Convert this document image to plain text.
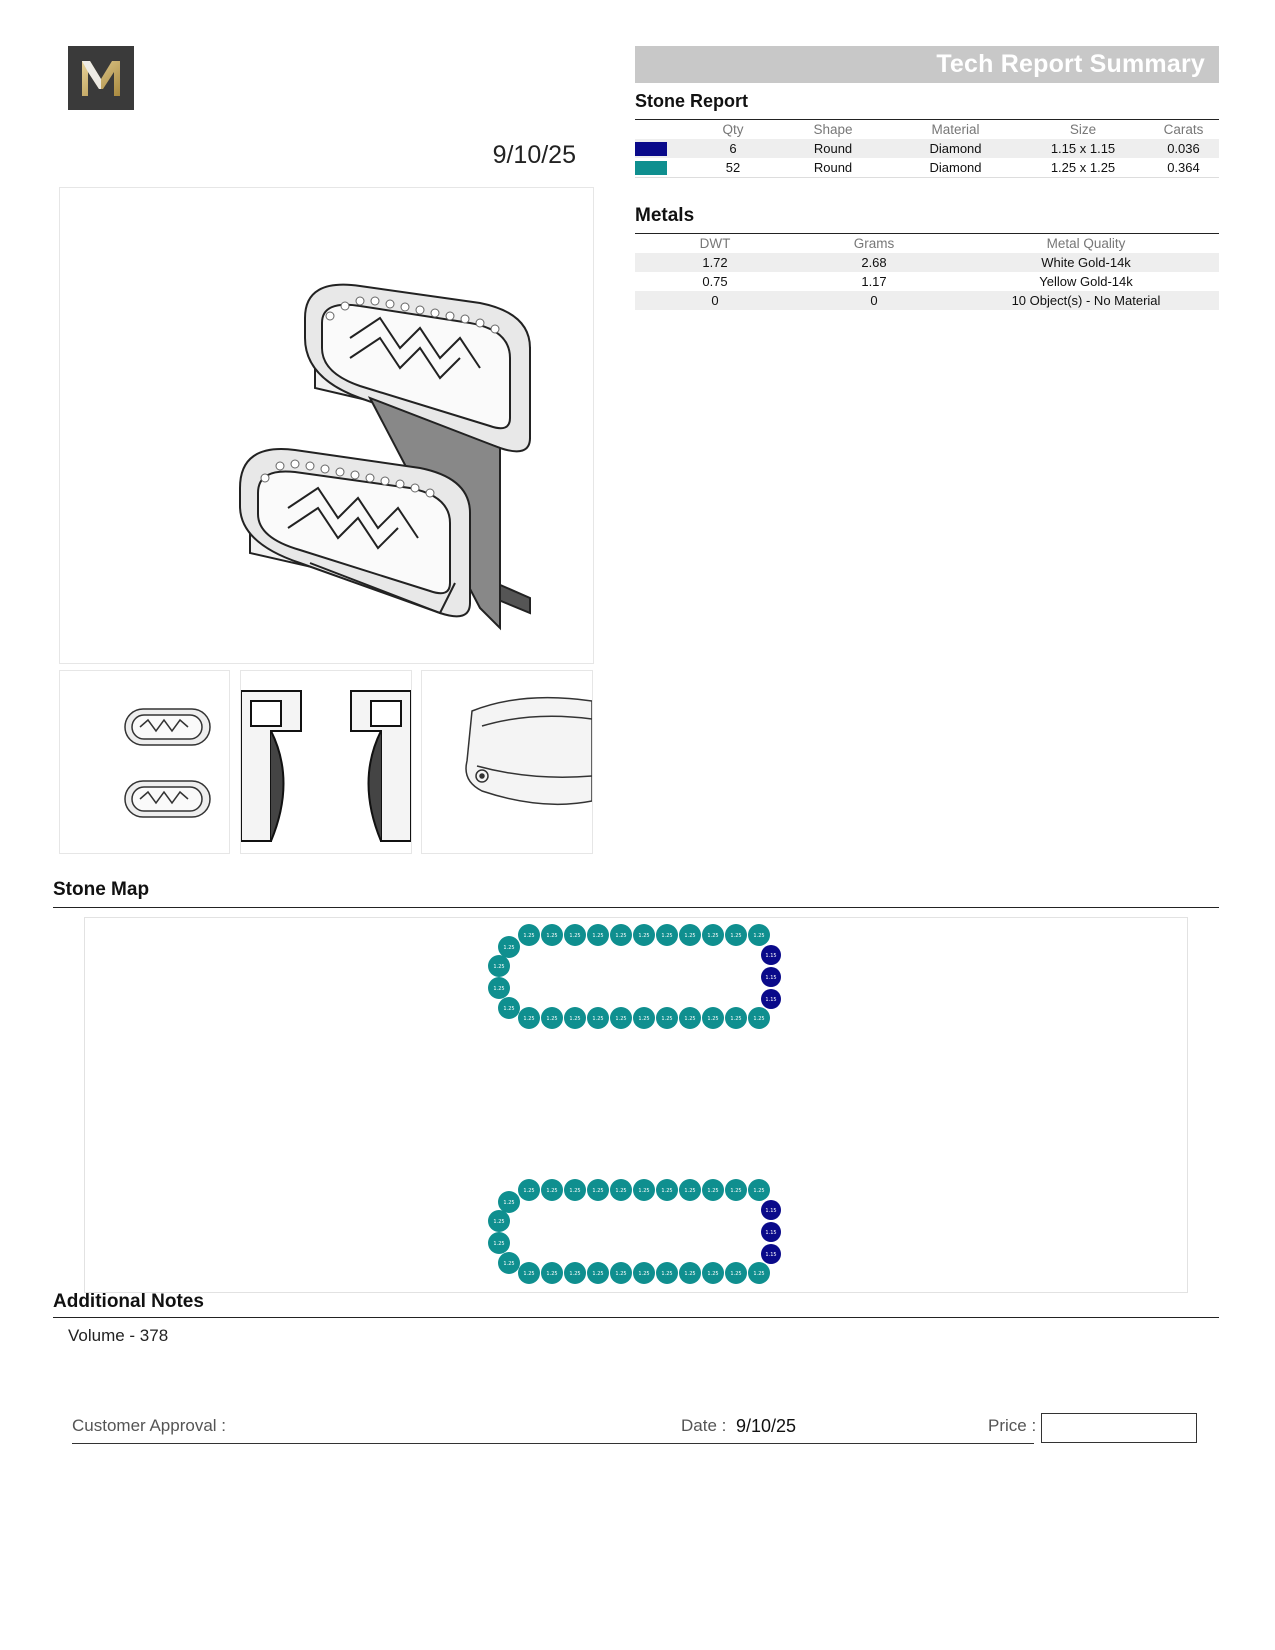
Tech Report Summary
9/10/25
Stone Report
	Qty	Shape	Material	Size	Carats
	6	Round	Diamond	1.15 x 1.15	0.036
	52	Round	Diamond	1.25 x 1.25	0.364
Metals
DWT	Grams	Metal Quality
1.72	2.68	White Gold-14k
0.75	1.17	Yellow Gold-14k
0	0	10 Object(s) - No Material
Stone Map
1.25 1.25 1.25 1.25 1.25 1.25 1.25 1.25 1.25 1.25 1.25
1.25 1.25 1.25 1.25 1.25 1.25 1.25 1.25 1.25 1.25 1.25
1.25
1.25
1.25
1.25
1.15
1.15
1.15
1.25 1.25 1.25 1.25 1.25 1.25 1.25 1.25 1.25 1.25 1.25
1.25 1.25 1.25 1.25 1.25 1.25 1.25 1.25 1.25 1.25 1.25
1.25
1.25
1.25
1.25
1.15
1.15
1.15
Additional Notes
Volume - 378
Customer Approval :	Date : 9/10/25	Price :
